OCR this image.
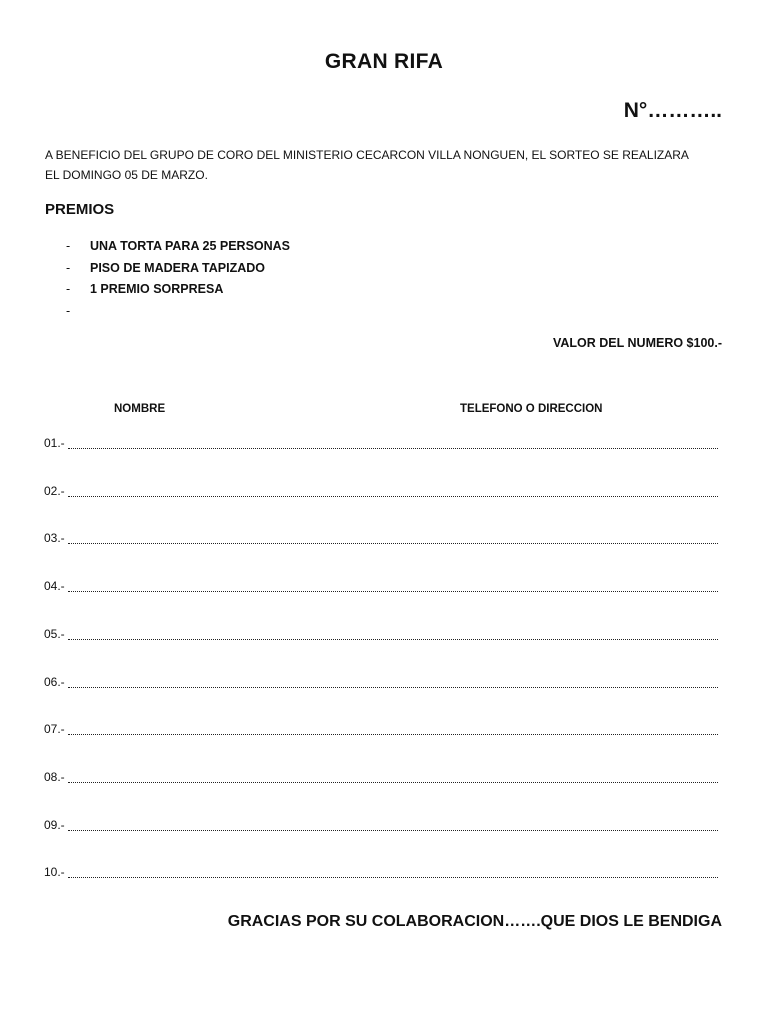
GRAN RIFA
N°………..
A BENEFICIO DEL GRUPO DE CORO DEL MINISTERIO CECARCON VILLA NONGUEN, EL SORTEO SE REALIZARA EL DOMINGO 05 DE MARZO.
PREMIOS
- UNA TORTA PARA 25 PERSONAS
- PISO DE MADERA TAPIZADO
- 1 PREMIO SORPRESA
-
VALOR DEL NUMERO $100.-
NOMBRE	TELEFONO O DIRECCION
01.-
02.-
03.-
04.-
05.-
06.-
07.-
08.-
09.-
10.-
GRACIAS POR SU COLABORACION…….QUE DIOS LE BENDIGA
